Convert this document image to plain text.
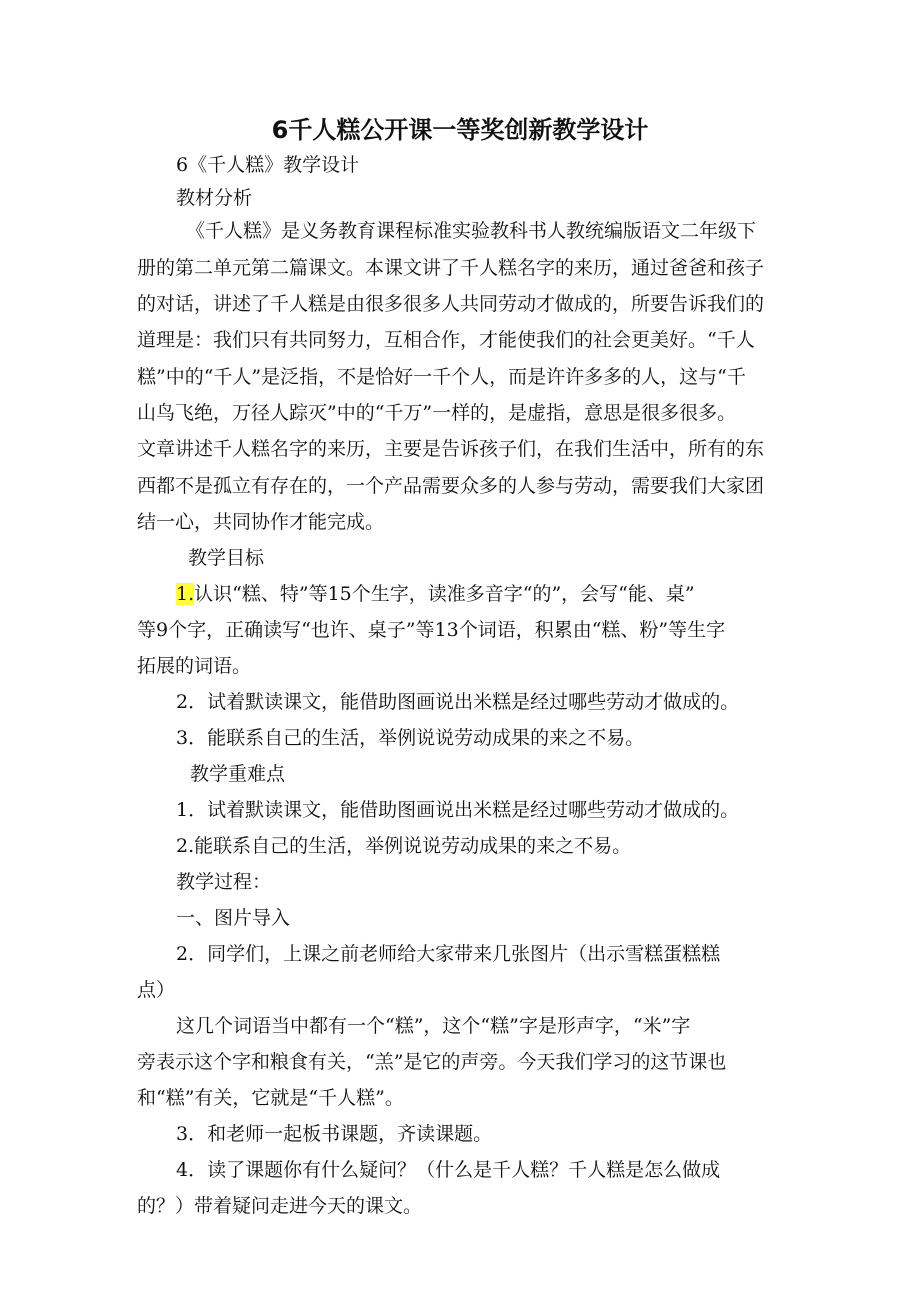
6千人糕公开课一等奖创新教学设计
6《千人糕》教学设计
教材分析
《千人糕》是义务教育课程标准实验教科书人教统编版语文二年级下
册的第二单元第二篇课文。本课文讲了千人糕名字的来历，通过爸爸和孩子
的对话，讲述了千人糕是由很多很多人共同劳动才做成的，所要告诉我们的
道理是：我们只有共同努力，互相合作，才能使我们的社会更美好。“千人
糕”中的“千人”是泛指，不是恰好一千个人，而是许许多多的人，这与“千
山鸟飞绝，万径人踪灭”中的“千万”一样的，是虚指，意思是很多很多。
文章讲述千人糕名字的来历，主要是告诉孩子们，在我们生活中，所有的东
西都不是孤立有存在的，一个产品需要众多的人参与劳动，需要我们大家团
结一心，共同协作才能完成。
教学目标
1.认识“糕、特”等15个生字，读准多音字“的”，会写“能、桌”
等9个字，正确读写“也许、桌子”等13个词语，积累由“糕、粉”等生字
拓展的词语。
2．试着默读课文，能借助图画说出米糕是经过哪些劳动才做成的。
3．能联系自己的生活，举例说说劳动成果的来之不易。
教学重难点
1．试着默读课文，能借助图画说出米糕是经过哪些劳动才做成的。
2.能联系自己的生活，举例说说劳动成果的来之不易。
教学过程：
一、图片导入
2．同学们，上课之前老师给大家带来几张图片（出示雪糕蛋糕糕
点）
这几个词语当中都有一个“糕”，这个“糕”字是形声字，“米”字
旁表示这个字和粮食有关，“羔”是它的声旁。今天我们学习的这节课也
和“糕”有关，它就是“千人糕”。
3．和老师一起板书课题，齐读课题。
4．读了课题你有什么疑问？（什么是千人糕？千人糕是怎么做成
的？）带着疑问走进今天的课文。
